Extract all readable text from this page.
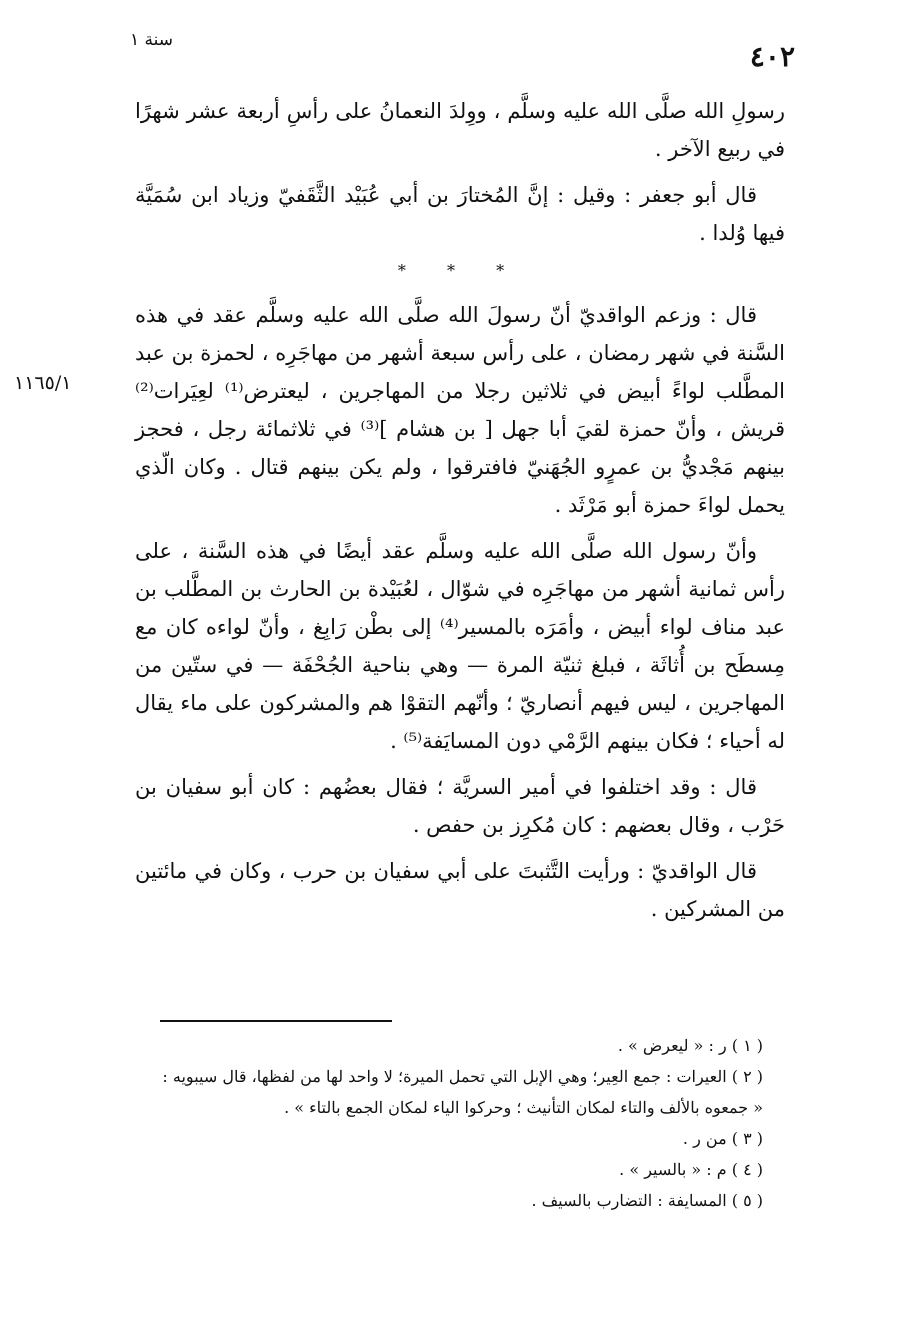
٤٠٢
سنة ١
١١٦٥/١

رسولِ الله صلَّى الله عليه وسلَّم ، ووِلدَ النعمانُ على رأسِ أربعة عشر شهرًا في ربيع الآخر .

قال أبو جعفر : وقيل : إنَّ المُختارَ بن أبي عُبَيْد الثَّقَفيّ وزياد ابن سُمَيَّة فيها وُلدا .

* * *

قال : وزعم الواقديّ أنّ رسولَ الله صلَّى الله عليه وسلَّم عقد في هذه السَّنة في شهر رمضان ، على رأس سبعة أشهر من مهاجَرِه ، لحمزة بن عبد المطَّلب لواءً أبيض في ثلاثين رجلا من المهاجرين ، ليعترض⁽¹⁾ لعِيَرات⁽²⁾ قريش ، وأنّ حمزة لقيَ أبا جهل [ بن هشام ]⁽³⁾ في ثلاثمائة رجل ، فحجز بينهم مَجْديُّ بن عمرٍو الجُهَنيّ فافترقوا ، ولم يكن بينهم قتال . وكان الّذي يحمل لواءَ حمزة أبو مَرْثَد .

وأنّ رسول الله صلَّى الله عليه وسلَّم عقد أيضًا في هذه السَّنة ، على رأس ثمانية أشهر من مهاجَرِه في شوّال ، لعُبَيْدة بن الحارث بن المطَّلب بن عبد مناف لواء أبيض ، وأمَرَه بالمسير⁽⁴⁾ إلى بطْن رَابِغ ، وأنّ لواءه كان مع مِسطَح بن أُثاثَة ، فبلغ ثنيّة المرة — وهي بناحية الجُحْفَة — في ستّين من المهاجرين ، ليس فيهم أنصاريّ ؛ وأنّهم التقوْا هم والمشركون على ماء يقال له أحياء ؛ فكان بينهم الرَّمْي دون المسايَفة⁽⁵⁾ .

قال : وقد اختلفوا في أمير السريَّة ؛ فقال بعضُهم : كان أبو سفيان بن حَرْب ، وقال بعضهم : كان مُكرِز بن حفص .

قال الواقديّ : ورأيت التَّثبتَ على أبي سفيان بن حرب ، وكان في مائتين من المشركين .

( ١ ) ر : « ليعرض » .

( ٢ ) العيرات : جمع العِير؛ وهي الإبل التي تحمل الميرة؛ لا واحد لها من لفظها، قال سيبويه :

« جمعوه بالألف والتاء لمكان التأنيث ؛ وحركوا الياء لمكان الجمع بالتاء » .

( ٣ ) من ر .

( ٤ ) م : « بالسير » .

( ٥ ) المسايفة : التضارب بالسيف .
